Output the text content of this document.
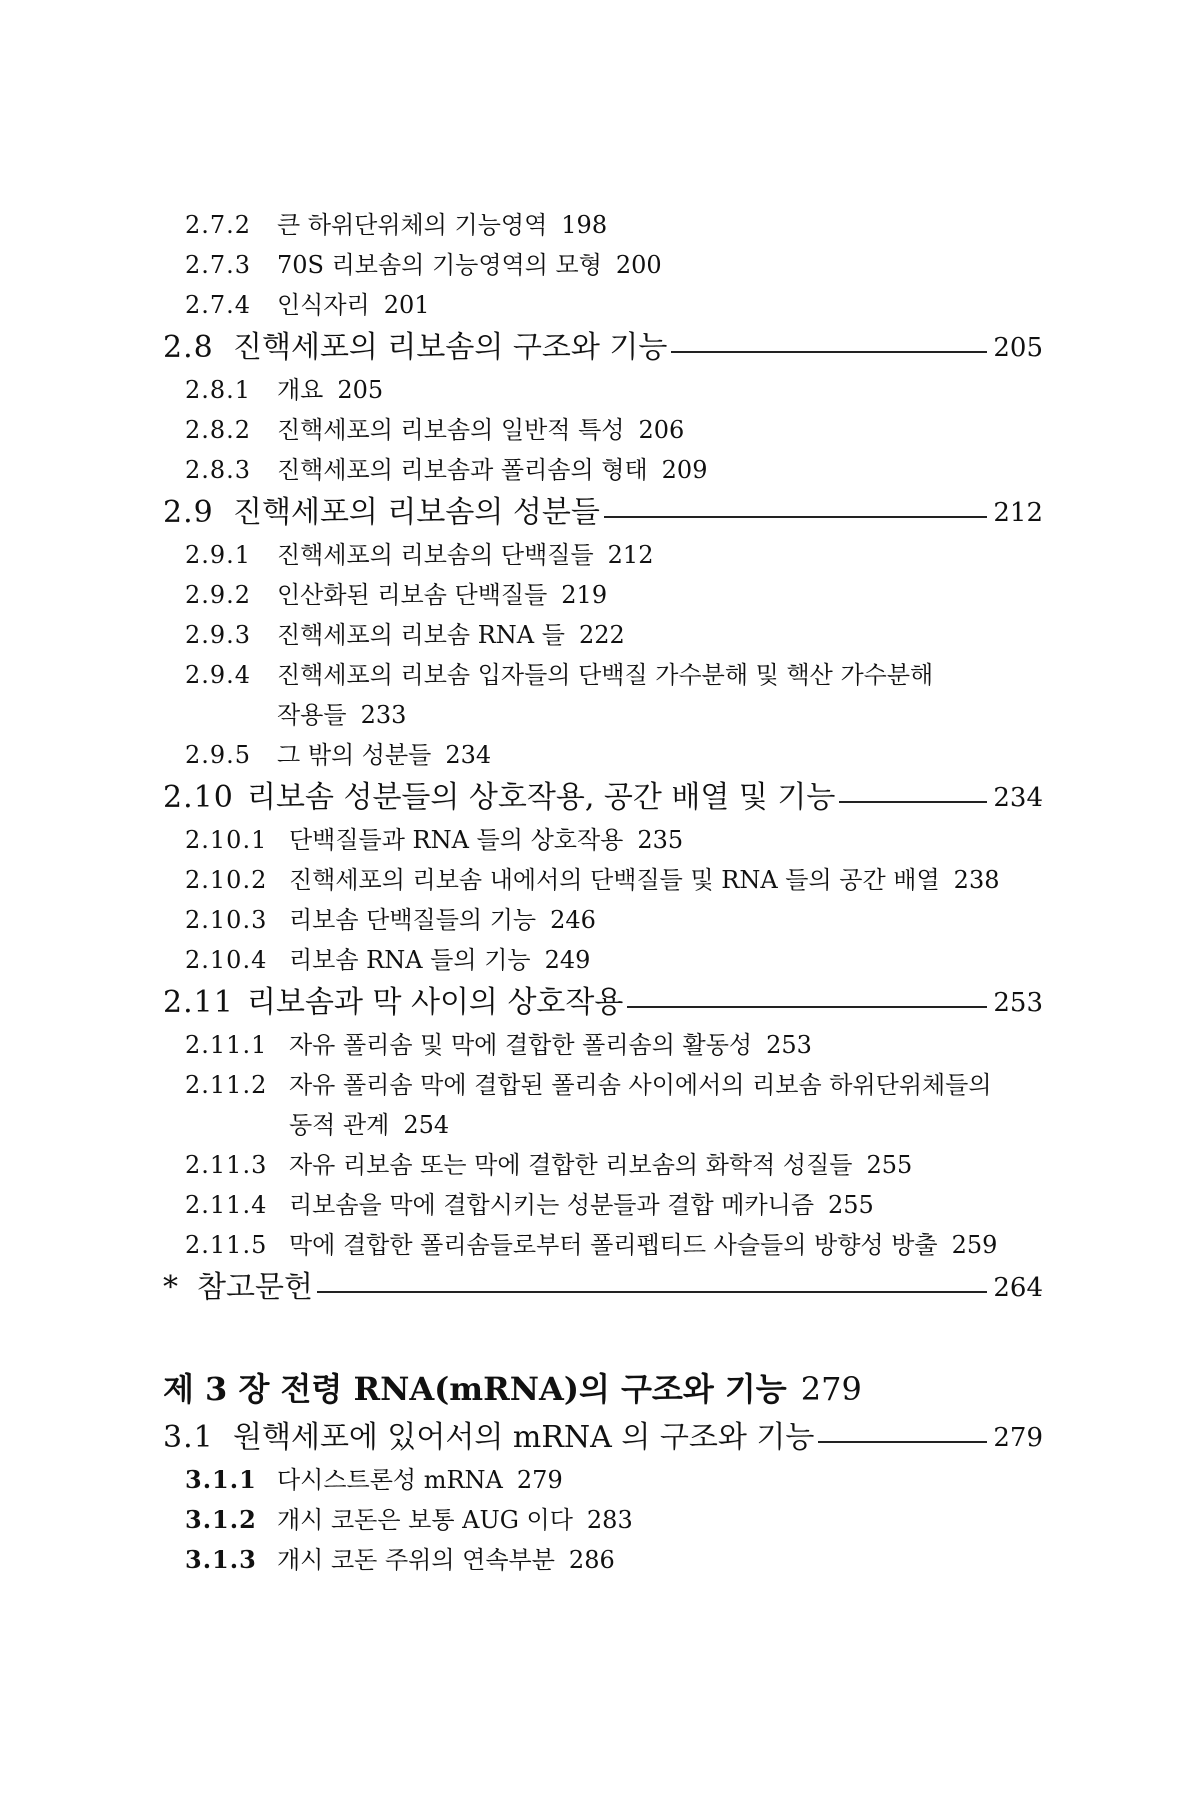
2.7.2 큰 하위단위체의 기능영역 198
2.7.3 70S 리보솜의 기능영역의 모형 200
2.7.4 인식자리 201
2.8 진핵세포의 리보솜의 구조와 기능	205
2.8.1 개요 205
2.8.2 진핵세포의 리보솜의 일반적 특성 206
2.8.3 진핵세포의 리보솜과 폴리솜의 형태 209
2.9 진핵세포의 리보솜의 성분들	212
2.9.1 진핵세포의 리보솜의 단백질들 212
2.9.2 인산화된 리보솜 단백질들 219
2.9.3 진핵세포의 리보솜 RNA 들 222
2.9.4 진핵세포의 리보솜 입자들의 단백질 가수분해 및 핵산 가수분해
작용들 233
2.9.5 그 밖의 성분들 234
2.10 리보솜 성분들의 상호작용, 공간 배열 및 기능	234
2.10.1 단백질들과 RNA 들의 상호작용 235
2.10.2 진핵세포의 리보솜 내에서의 단백질들 및 RNA 들의 공간 배열 238
2.10.3 리보솜 단백질들의 기능 246
2.10.4 리보솜 RNA 들의 기능 249
2.11 리보솜과 막 사이의 상호작용	253
2.11.1 자유 폴리솜 및 막에 결합한 폴리솜의 활동성 253
2.11.2 자유 폴리솜 막에 결합된 폴리솜 사이에서의 리보솜 하위단위체들의
동적 관계 254
2.11.3 자유 리보솜 또는 막에 결합한 리보솜의 화학적 성질들 255
2.11.4 리보솜을 막에 결합시키는 성분들과 결합 메카니즘 255
2.11.5 막에 결합한 폴리솜들로부터 폴리펩티드 사슬들의 방향성 방출 259
* 참고문헌	264
제 3 장 전령 RNA(mRNA)의 구조와 기능 279
3.1 원핵세포에 있어서의 mRNA 의 구조와 기능	279
3.1.1 다시스트론성 mRNA 279
3.1.2 개시 코돈은 보통 AUG 이다 283
3.1.3 개시 코돈 주위의 연속부분 286
